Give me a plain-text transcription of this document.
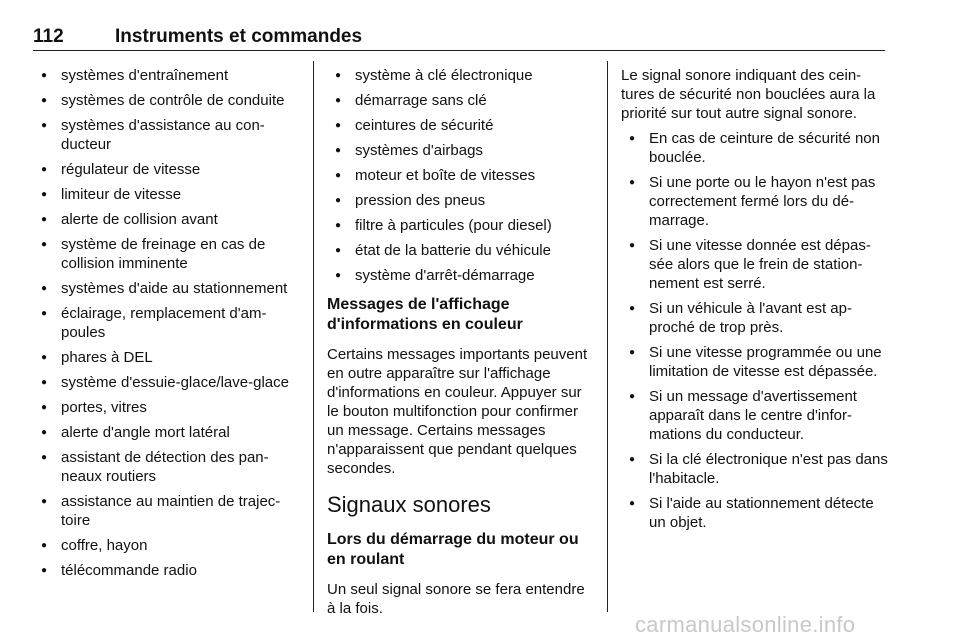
112	Instruments et commandes
● systèmes d'entraînement
● systèmes de contrôle de conduite
● systèmes d'assistance au conducteur
● régulateur de vitesse
● limiteur de vitesse
● alerte de collision avant
● système de freinage en cas de collision imminente
● systèmes d'aide au stationnement
● éclairage, remplacement d'ampoules
● phares à DEL
● système d'essuie-glace/lave-glace
● portes, vitres
● alerte d'angle mort latéral
● assistant de détection des panneaux routiers
● assistance au maintien de trajectoire
● coffre, hayon
● télécommande radio
● système à clé électronique
● démarrage sans clé
● ceintures de sécurité
● systèmes d'airbags
● moteur et boîte de vitesses
● pression des pneus
● filtre à particules (pour diesel)
● état de la batterie du véhicule
● système d'arrêt-démarrage
Messages de l'affichage d'informations en couleur

Certains messages importants peuvent en outre apparaître sur l'affichage d'informations en couleur. Appuyer sur le bouton multifonction pour confirmer un message. Certains messages n'apparaissent que pendant quelques secondes.

Signaux sonores
Lors du démarrage du moteur ou en roulant

Un seul signal sonore se fera entendre à la fois.

Le signal sonore indiquant des ceintures de sécurité non bouclées aura la priorité sur tout autre signal sonore.

● En cas de ceinture de sécurité non bouclée.
● Si une porte ou le hayon n'est pas correctement fermé lors du démarrage.
● Si une vitesse donnée est dépassée alors que le frein de stationnement est serré.
● Si un véhicule à l'avant est approché de trop près.
● Si une vitesse programmée ou une limitation de vitesse est dépassée.
● Si un message d'avertissement apparaît dans le centre d'informations du conducteur.
● Si la clé électronique n'est pas dans l'habitacle.
● Si l'aide au stationnement détecte un objet.
carmanualsonline.info
